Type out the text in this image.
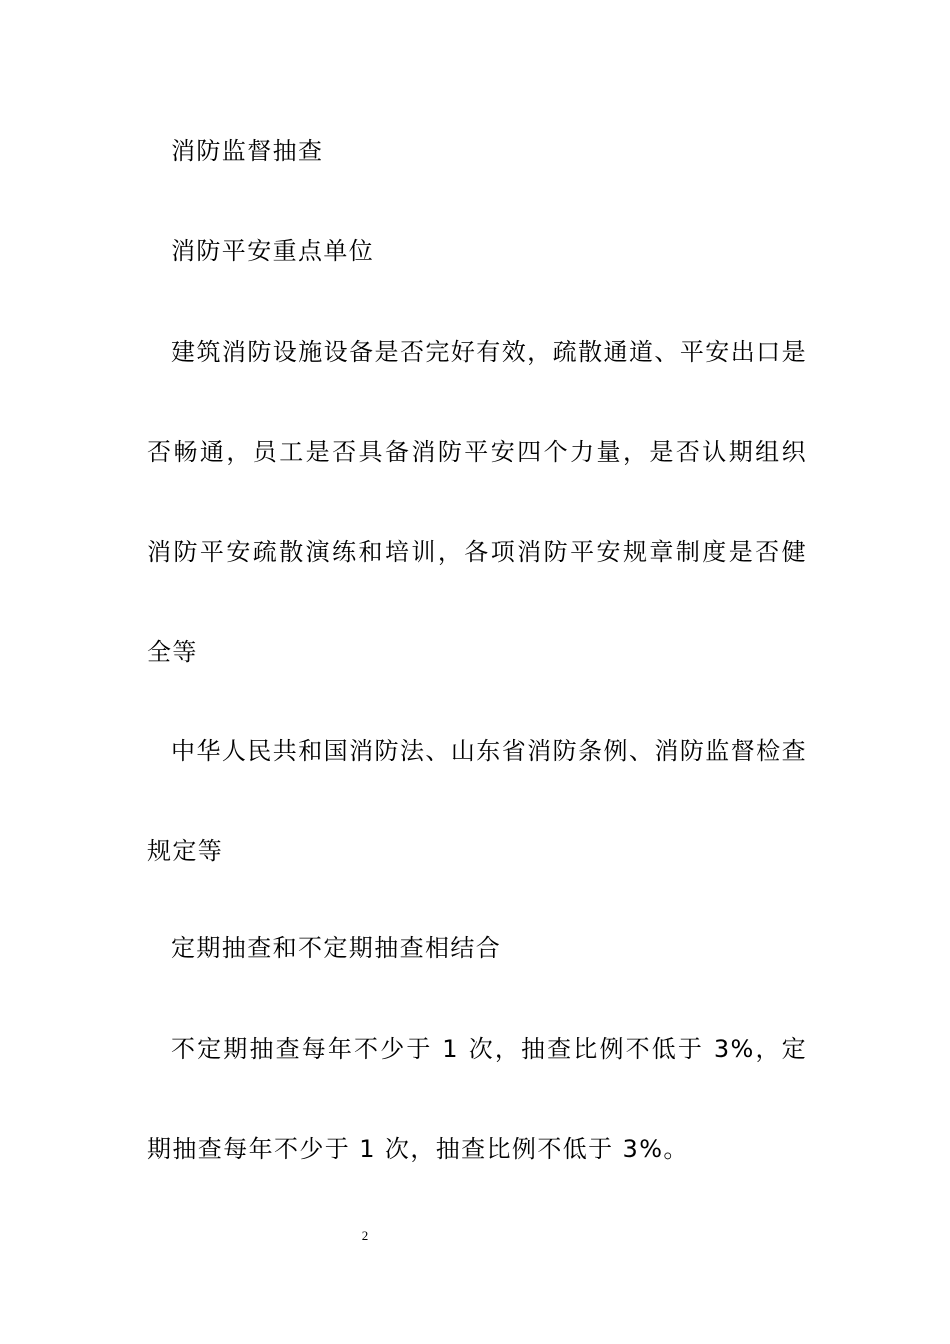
消防监督抽查

消防平安重点单位

建筑消防设施设备是否完好有效，疏散通道、平安出口是否畅通，员工是否具备消防平安四个力量，是否认期组织消防平安疏散演练和培训，各项消防平安规章制度是否健全等

中华人民共和国消防法、山东省消防条例、消防监督检查规定等

定期抽查和不定期抽查相结合

不定期抽查每年不少于 1 次，抽查比例不低于 3%，定期抽查每年不少于 1 次，抽查比例不低于 3%。

2
